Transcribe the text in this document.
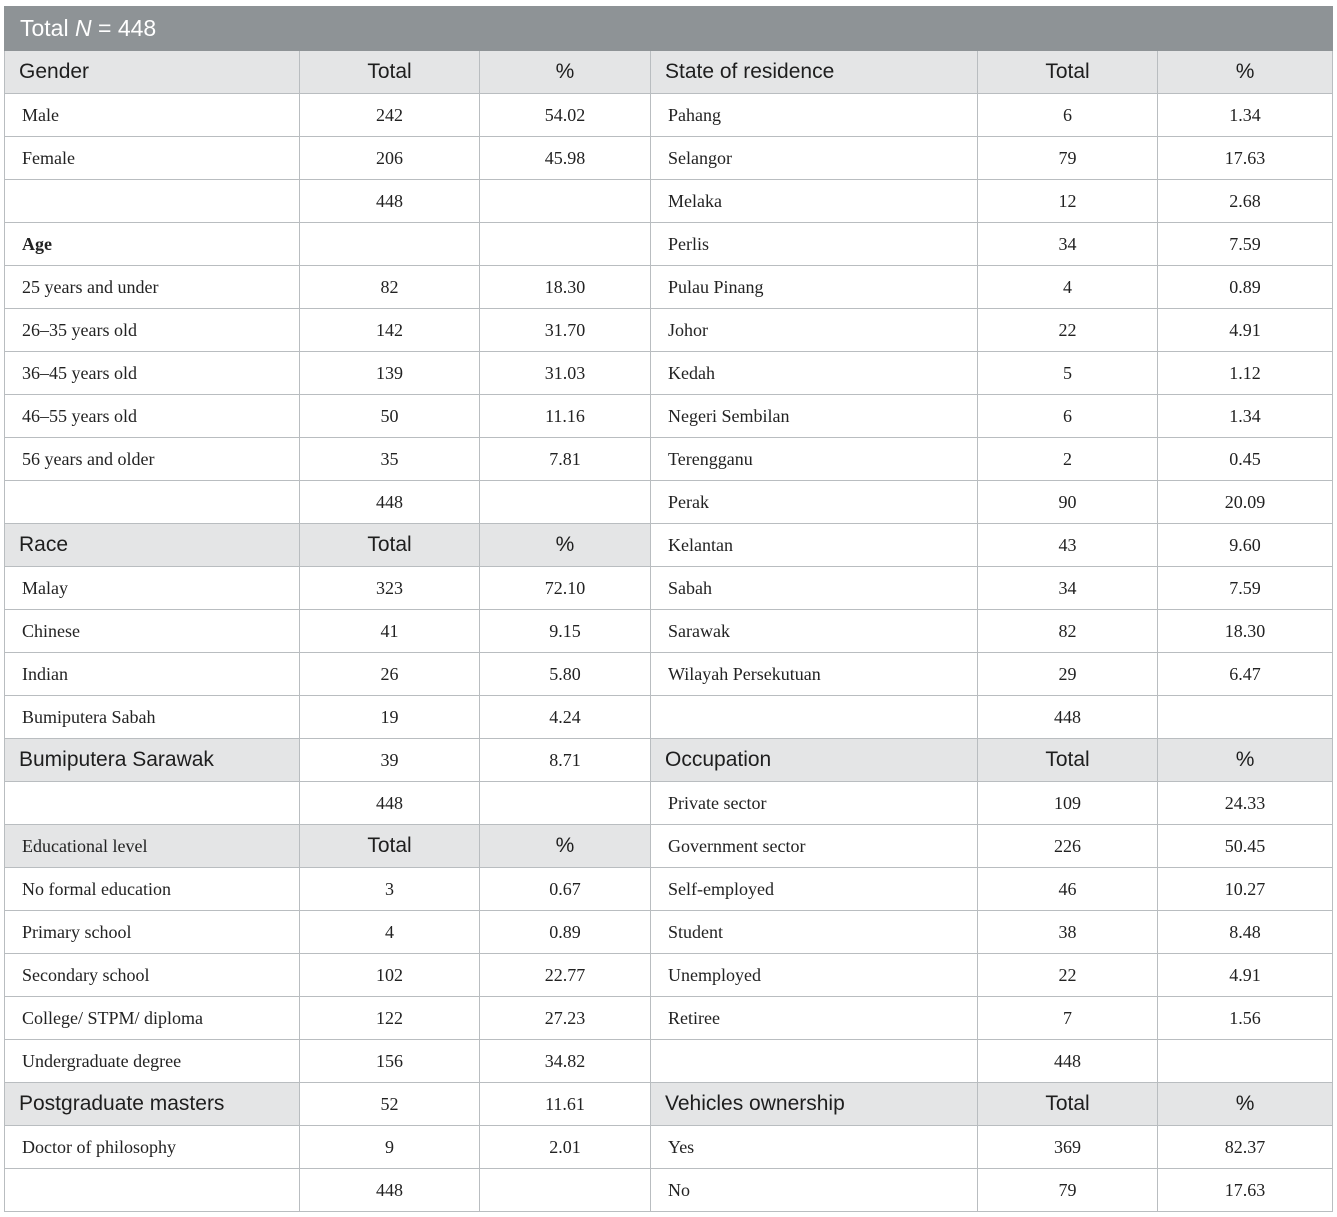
Total N = 448					
Gender	Total	%	State of residence	Total	%
Male	242	54.02	Pahang	6	1.34
Female	206	45.98	Selangor	79	17.63
	448		Melaka	12	2.68
Age			Perlis	34	7.59
25 years and under	82	18.30	Pulau Pinang	4	0.89
26–35 years old	142	31.70	Johor	22	4.91
36–45 years old	139	31.03	Kedah	5	1.12
46–55 years old	50	11.16	Negeri Sembilan	6	1.34
56 years and older	35	7.81	Terengganu	2	0.45
	448		Perak	90	20.09
Race	Total	%	Kelantan	43	9.60
Malay	323	72.10	Sabah	34	7.59
Chinese	41	9.15	Sarawak	82	18.30
Indian	26	5.80	Wilayah Persekutuan	29	6.47
Bumiputera Sabah	19	4.24		448	
Bumiputera Sarawak	39	8.71	Occupation	Total	%
	448		Private sector	109	24.33
Educational level	Total	%	Government sector	226	50.45
No formal education	3	0.67	Self-employed	46	10.27
Primary school	4	0.89	Student	38	8.48
Secondary school	102	22.77	Unemployed	22	4.91
College/ STPM/ diploma	122	27.23	Retiree	7	1.56
Undergraduate degree	156	34.82		448	
Postgraduate masters	52	11.61	Vehicles ownership	Total	%
Doctor of philosophy	9	2.01	Yes	369	82.37
	448		No	79	17.63
